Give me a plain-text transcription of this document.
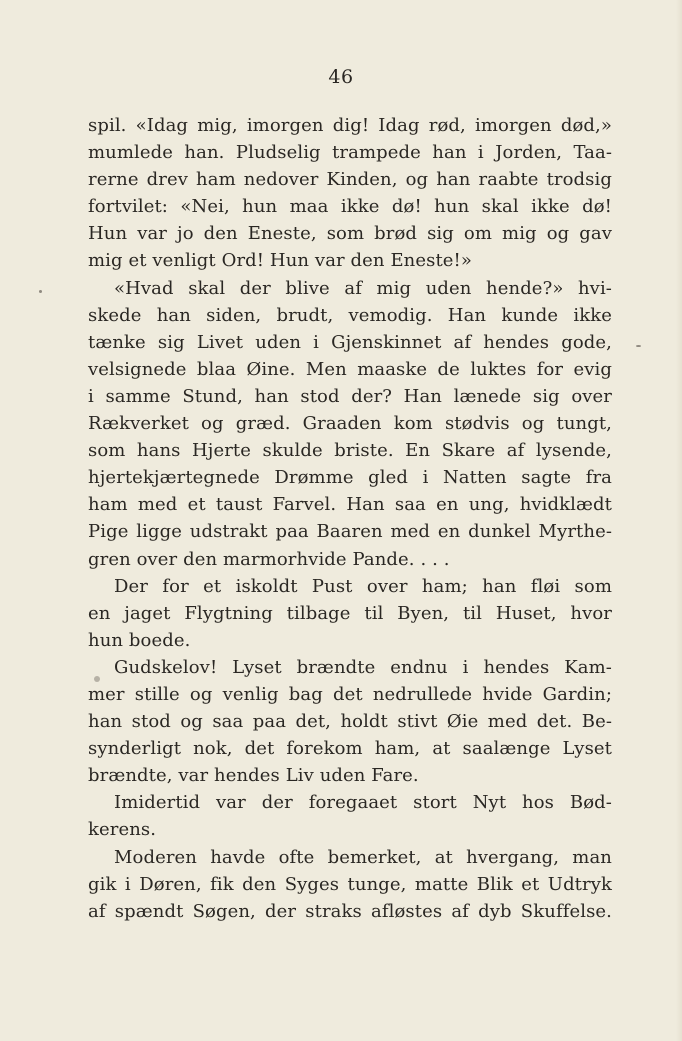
46
spil. «Idag mig, imorgen dig! Idag rød, imorgen død,»
mumlede han. Pludselig trampede han i Jorden, Taa-
rerne drev ham nedover Kinden, og han raabte trodsig
fortvilet: «Nei, hun maa ikke dø! hun skal ikke dø!
Hun var jo den Eneste, som brød sig om mig og gav
mig et venligt Ord! Hun var den Eneste!»
«Hvad skal der blive af mig uden hende?» hvi-
skede han siden, brudt, vemodig. Han kunde ikke
tænke sig Livet uden i Gjenskinnet af hendes gode,
velsignede blaa Øine. Men maaske de luktes for evig
i samme Stund, han stod der? Han lænede sig over
Rækverket og græd. Graaden kom stødvis og tungt,
som hans Hjerte skulde briste. En Skare af lysende,
hjertekjærtegnede Drømme gled i Natten sagte fra
ham med et taust Farvel. Han saa en ung, hvidklædt
Pige ligge udstrakt paa Baaren med en dunkel Myrthe-
gren over den marmorhvide Pande. . . .
Der for et iskoldt Pust over ham; han fløi som
en jaget Flygtning tilbage til Byen, til Huset, hvor
hun boede.
Gudskelov! Lyset brændte endnu i hendes Kam-
mer stille og venlig bag det nedrullede hvide Gardin;
han stod og saa paa det, holdt stivt Øie med det. Be-
synderligt nok, det forekom ham, at saalænge Lyset
brændte, var hendes Liv uden Fare.
Imidertid var der foregaaet stort Nyt hos Bød-
kerens.
Moderen havde ofte bemerket, at hvergang, man
gik i Døren, fik den Syges tunge, matte Blik et Udtryk
af spændt Søgen, der straks afløstes af dyb Skuffelse.
